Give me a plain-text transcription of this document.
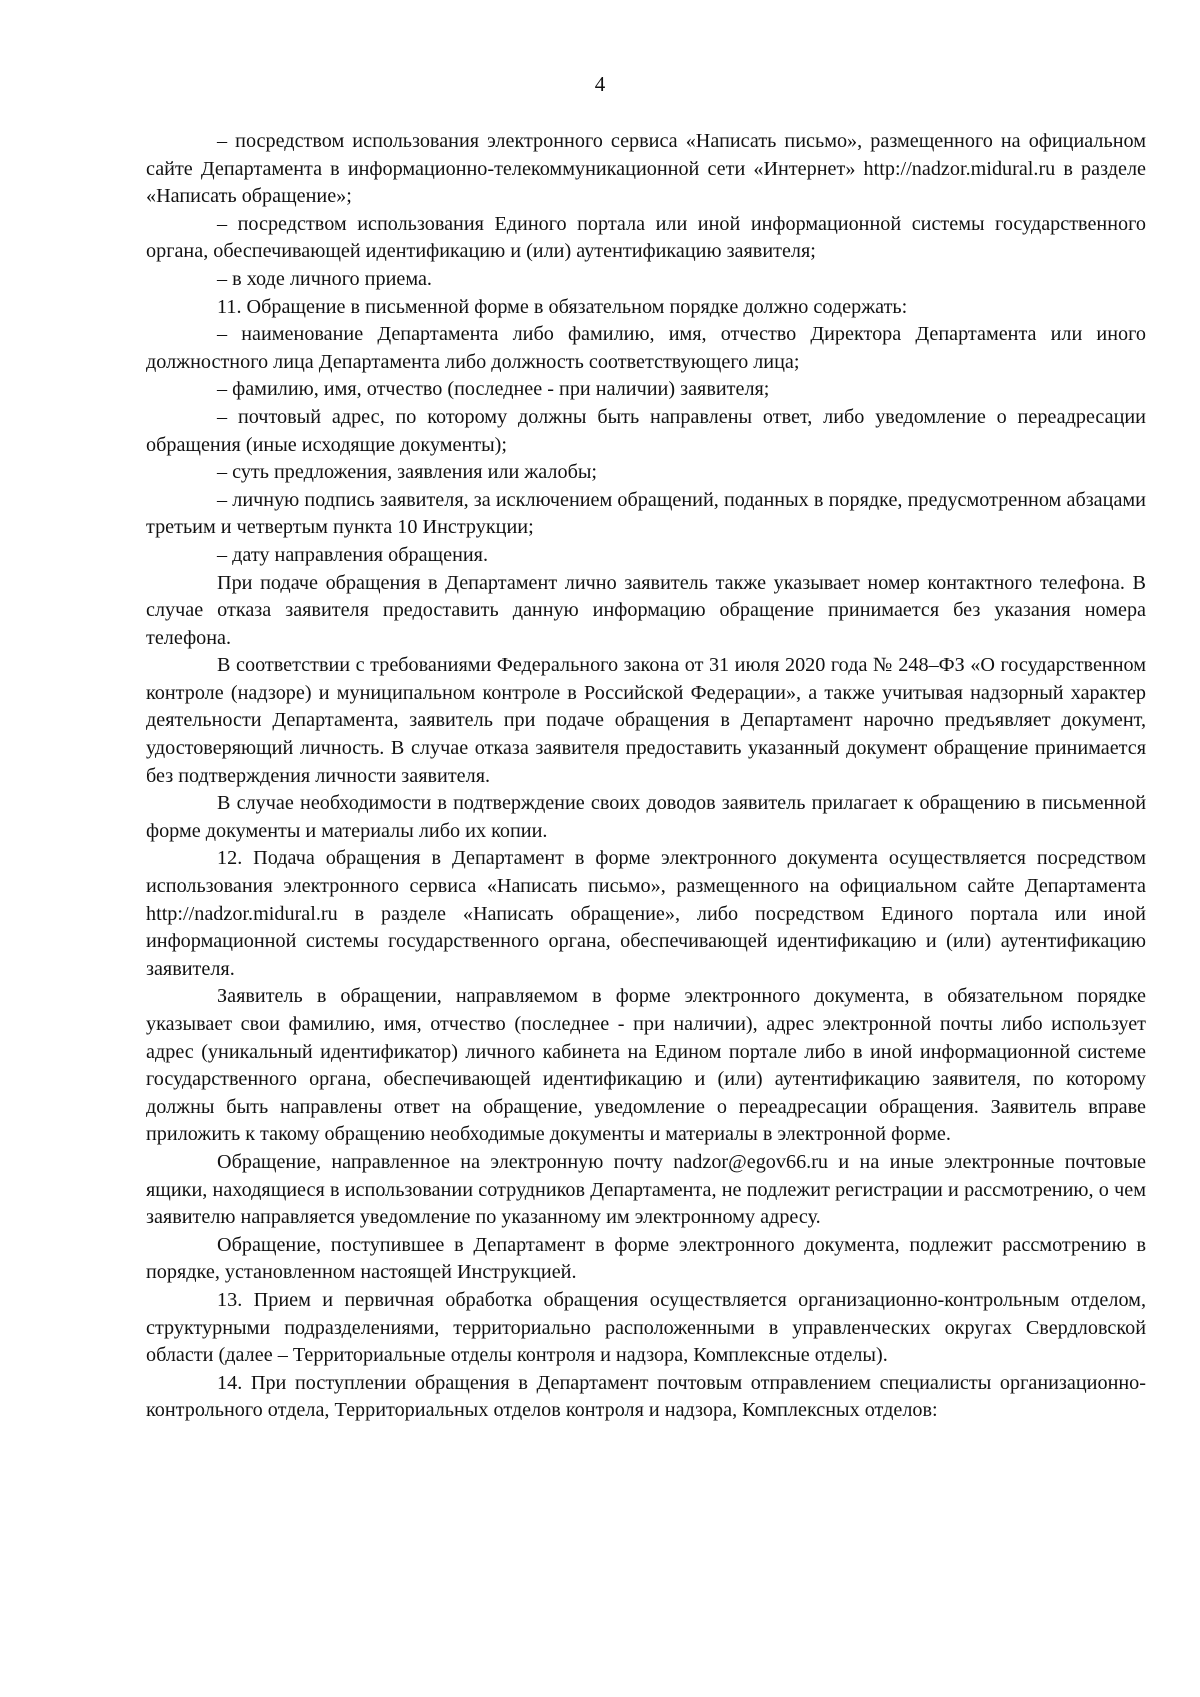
4

– посредством использования электронного сервиса «Написать письмо», размещенного на официальном сайте Департамента в информационно-телекоммуникационной сети «Интернет» http://nadzor.midural.ru в разделе «Написать обращение»;

– посредством использования Единого портала или иной информационной системы государственного органа, обеспечивающей идентификацию и (или) аутентификацию заявителя;

– в ходе личного приема.

11. Обращение в письменной форме в обязательном порядке должно содержать:

– наименование Департамента либо фамилию, имя, отчество Директора Департамента или иного должностного лица Департамента либо должность соответствующего лица;

– фамилию, имя, отчество (последнее - при наличии) заявителя;

– почтовый адрес, по которому должны быть направлены ответ, либо уведомление о переадресации обращения (иные исходящие документы);

– суть предложения, заявления или жалобы;

– личную подпись заявителя, за исключением обращений, поданных в порядке, предусмотренном абзацами третьим и четвертым пункта 10 Инструкции;

– дату направления обращения.

При подаче обращения в Департамент лично заявитель также указывает номер контактного телефона. В случае отказа заявителя предоставить данную информацию обращение принимается без указания номера телефона.

В соответствии с требованиями Федерального закона от 31 июля 2020 года № 248–ФЗ «О государственном контроле (надзоре) и муниципальном контроле в Российской Федерации», а также учитывая надзорный характер деятельности Департамента, заявитель при подаче обращения в Департамент нарочно предъявляет документ, удостоверяющий личность. В случае отказа заявителя предоставить указанный документ обращение принимается без подтверждения личности заявителя.

В случае необходимости в подтверждение своих доводов заявитель прилагает к обращению в письменной форме документы и материалы либо их копии.

12. Подача обращения в Департамент в форме электронного документа осуществляется посредством использования электронного сервиса «Написать письмо», размещенного на официальном сайте Департамента http://nadzor.midural.ru в разделе «Написать обращение», либо посредством Единого портала или иной информационной системы государственного органа, обеспечивающей идентификацию и (или) аутентификацию заявителя.

Заявитель в обращении, направляемом в форме электронного документа, в обязательном порядке указывает свои фамилию, имя, отчество (последнее - при наличии), адрес электронной почты либо использует адрес (уникальный идентификатор) личного кабинета на Едином портале либо в иной информационной системе государственного органа, обеспечивающей идентификацию и (или) аутентификацию заявителя, по которому должны быть направлены ответ на обращение, уведомление о переадресации обращения. Заявитель вправе приложить к такому обращению необходимые документы и материалы в электронной форме.

Обращение, направленное на электронную почту nadzor@egov66.ru и на иные электронные почтовые ящики, находящиеся в использовании сотрудников Департамента, не подлежит регистрации и рассмотрению, о чем заявителю направляется уведомление по указанному им электронному адресу.

Обращение, поступившее в Департамент в форме электронного документа, подлежит рассмотрению в порядке, установленном настоящей Инструкцией.

13. Прием и первичная обработка обращения осуществляется организационно-контрольным отделом, структурными подразделениями, территориально расположенными в управленческих округах Свердловской области (далее – Территориальные отделы контроля и надзора, Комплексные отделы).

14. При поступлении обращения в Департамент почтовым отправлением специалисты организационно-контрольного отдела, Территориальных отделов контроля и надзора, Комплексных отделов:
